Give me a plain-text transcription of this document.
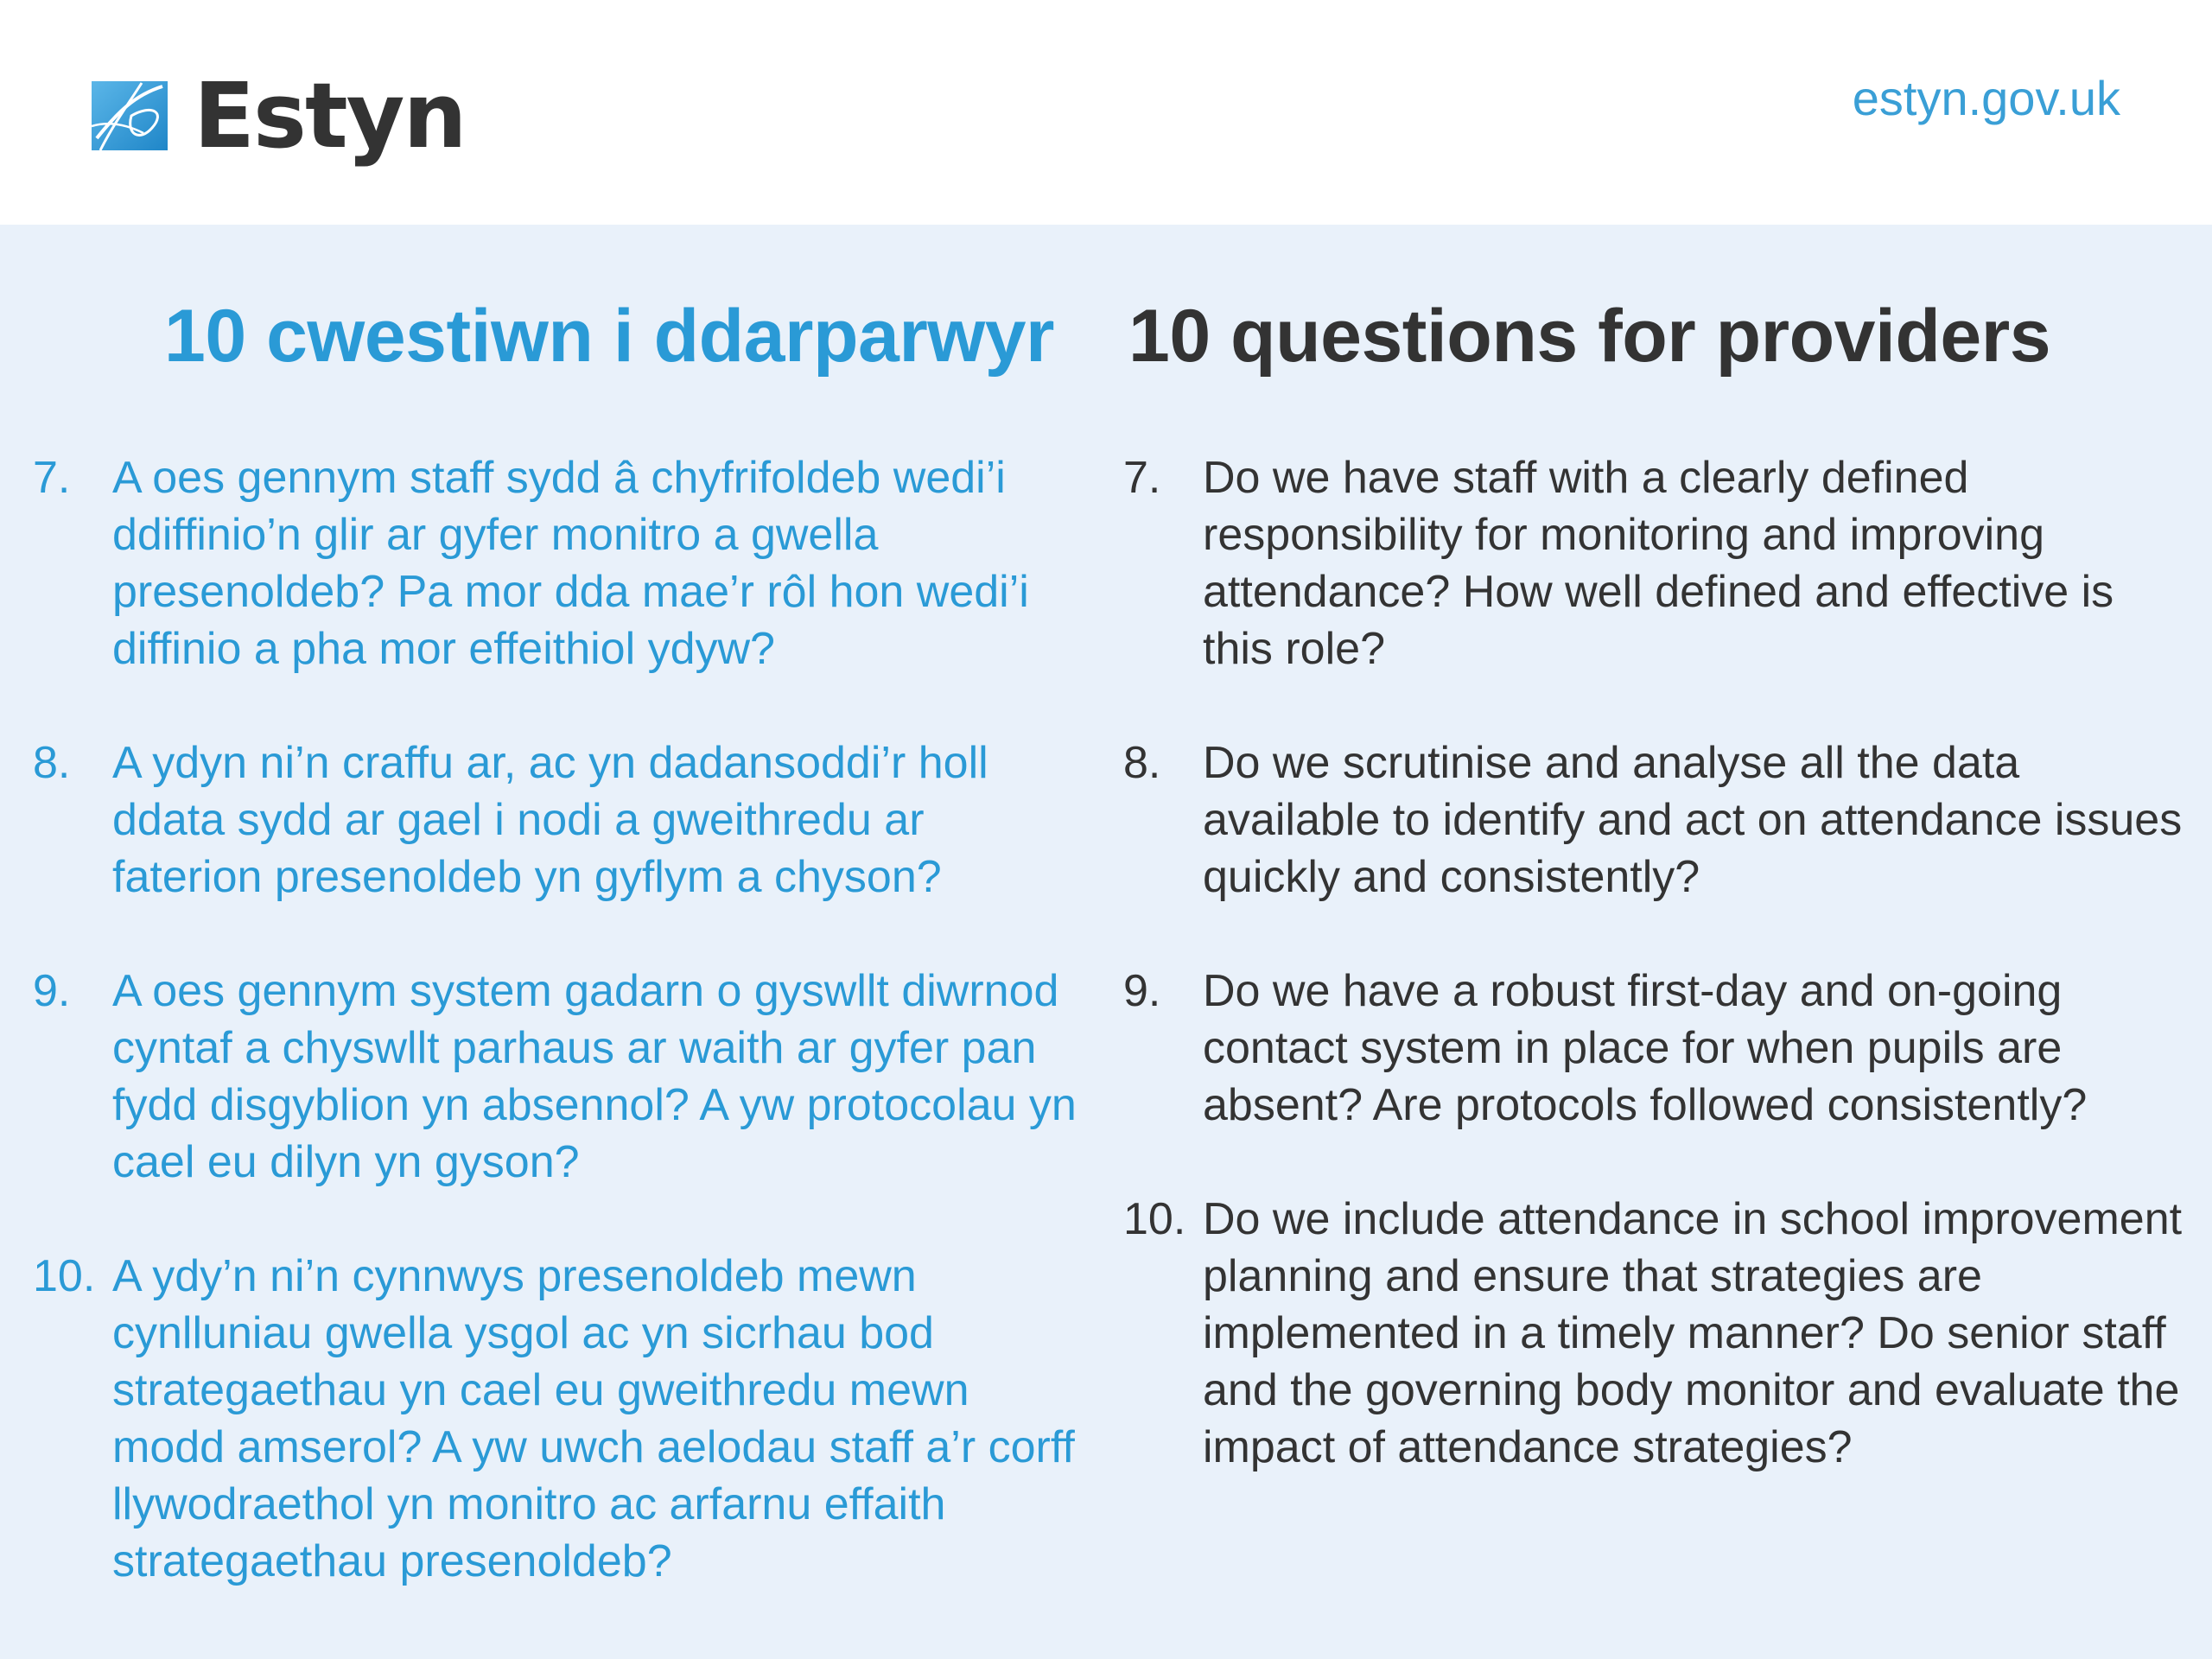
Estyn	estyn.gov.uk
10 cwestiwn i ddarparwyr
7. A oes gennym staff sydd â chyfrifoldeb wedi’i ddiffinio’n glir ar gyfer monitro a gwella presenoldeb? Pa mor dda mae’r rôl hon wedi’i diffinio a pha mor effeithiol ydyw?
8. A ydyn ni’n craffu ar, ac yn dadansoddi’r holl ddata sydd ar gael i nodi a gweithredu ar faterion presenoldeb yn gyflym a chyson?
9. A oes gennym system gadarn o gyswllt diwrnod cyntaf a chyswllt parhaus ar waith ar gyfer pan fydd disgyblion yn absennol? A yw protocolau yn cael eu dilyn yn gyson?
10. A ydy’n ni’n cynnwys presenoldeb mewn cynlluniau gwella ysgol ac yn sicrhau bod strategaethau yn cael eu gweithredu mewn modd amserol? A yw uwch aelodau staff a’r corff llywodraethol yn monitro ac arfarnu effaith strategaethau presenoldeb?
10 questions for providers
7. Do we have staff with a clearly defined responsibility for monitoring and improving attendance? How well defined and effective is this role?
8. Do we scrutinise and analyse all the data available to identify and act on attendance issues quickly and consistently?
9. Do we have a robust first-day and on-going contact system in place for when pupils are absent? Are protocols followed consistently?
10. Do we include attendance in school improvement planning and ensure that strategies are implemented in a timely manner? Do senior staff and the governing body monitor and evaluate the impact of attendance strategies?
